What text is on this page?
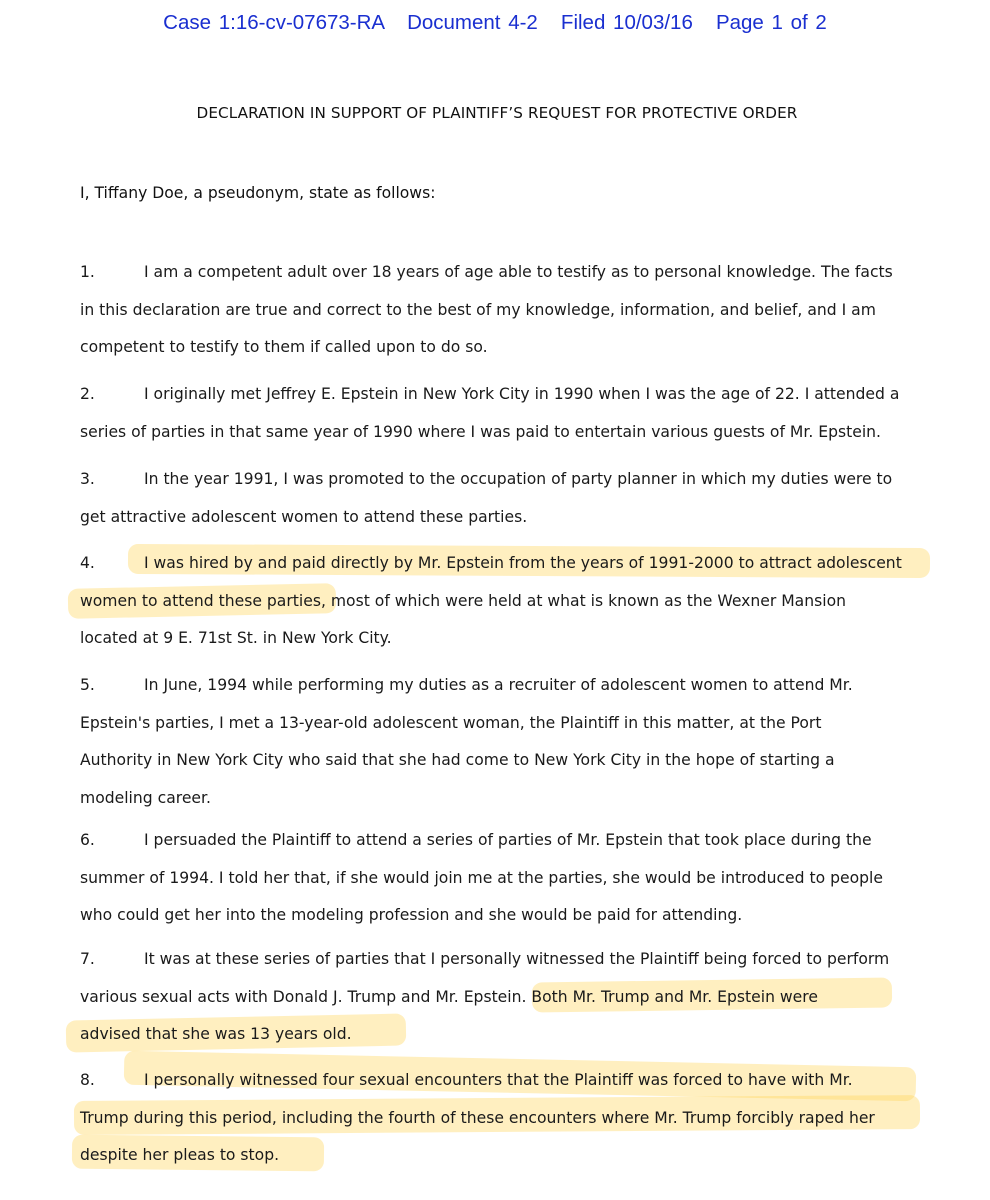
Case 1:16-cv-07673-RA Document 4-2 Filed 10/03/16 Page 1 of 2
DECLARATION IN SUPPORT OF PLAINTIFF’S REQUEST FOR PROTECTIVE ORDER
I, Tiffany Doe, a pseudonym, state as follows:
1.	I am a competent adult over 18 years of age able to testify as to personal knowledge. The facts
in this declaration are true and correct to the best of my knowledge, information, and belief, and I am
competent to testify to them if called upon to do so.
2.	I originally met Jeffrey E. Epstein in New York City in 1990 when I was the age of 22. I attended a
series of parties in that same year of 1990 where I was paid to entertain various guests of Mr. Epstein.
3.	In the year 1991, I was promoted to the occupation of party planner in which my duties were to
get attractive adolescent women to attend these parties.
4.	I was hired by and paid directly by Mr. Epstein from the years of 1991-2000 to attract adolescent
women to attend these parties, most of which were held at what is known as the Wexner Mansion
located at 9 E. 71st St. in New York City.
5.	In June, 1994 while performing my duties as a recruiter of adolescent women to attend Mr.
Epstein's parties, I met a 13-year-old adolescent woman, the Plaintiff in this matter, at the Port
Authority in New York City who said that she had come to New York City in the hope of starting a
modeling career.
6.	I persuaded the Plaintiff to attend a series of parties of Mr. Epstein that took place during the
summer of 1994. I told her that, if she would join me at the parties, she would be introduced to people
who could get her into the modeling profession and she would be paid for attending.
7.	It was at these series of parties that I personally witnessed the Plaintiff being forced to perform
various sexual acts with Donald J. Trump and Mr. Epstein. Both Mr. Trump and Mr. Epstein were
advised that she was 13 years old.
8.	I personally witnessed four sexual encounters that the Plaintiff was forced to have with Mr.
Trump during this period, including the fourth of these encounters where Mr. Trump forcibly raped her
despite her pleas to stop.
